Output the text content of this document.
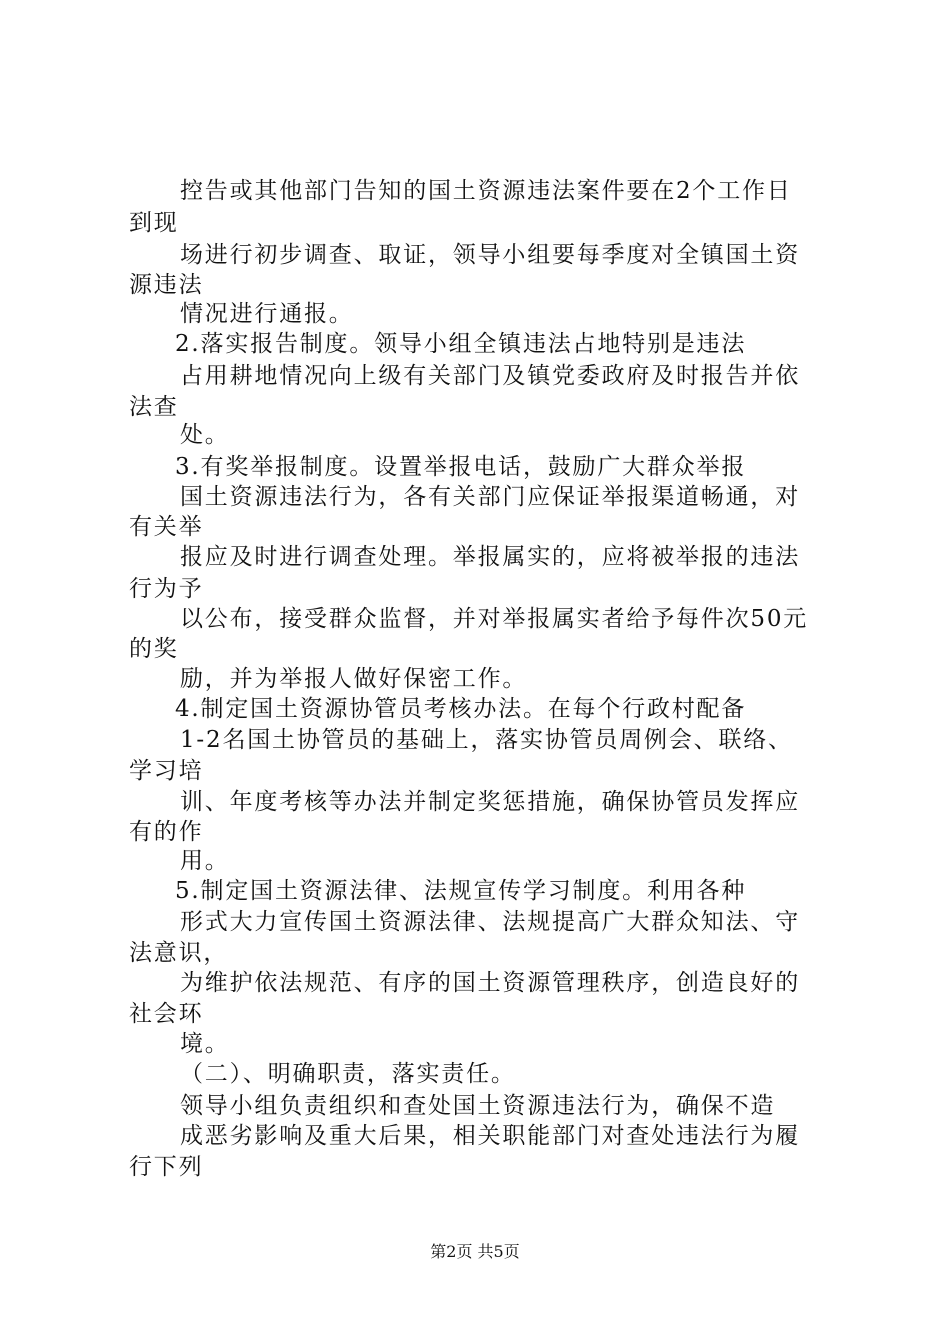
控告或其他部门告知的国土资源违法案件要在2个工作日
到现
场进行初步调查、取证，领导小组要每季度对全镇国土资
源违法
情况进行通报。
2.落实报告制度。领导小组全镇违法占地特别是违法
占用耕地情况向上级有关部门及镇党委政府及时报告并依
法查
处。
3.有奖举报制度。设置举报电话，鼓励广大群众举报
国土资源违法行为，各有关部门应保证举报渠道畅通，对
有关举
报应及时进行调查处理。举报属实的，应将被举报的违法
行为予
以公布，接受群众监督，并对举报属实者给予每件次50元
的奖
励，并为举报人做好保密工作。
4.制定国土资源协管员考核办法。在每个行政村配备
1-2名国土协管员的基础上，落实协管员周例会、联络、
学习培
训、年度考核等办法并制定奖惩措施，确保协管员发挥应
有的作
用。
5.制定国土资源法律、法规宣传学习制度。利用各种
形式大力宣传国土资源法律、法规提高广大群众知法、守
法意识，
为维护依法规范、有序的国土资源管理秩序，创造良好的
社会环
境。
（二）、明确职责，落实责任。
领导小组负责组织和查处国土资源违法行为，确保不造
成恶劣影响及重大后果，相关职能部门对查处违法行为履
行下列
第2页 共5页
